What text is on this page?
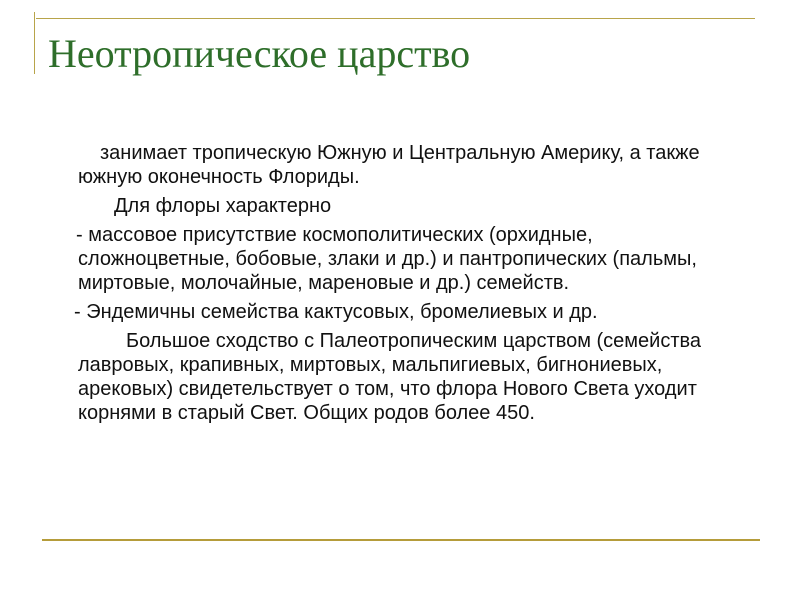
Неотропическое царство

занимает тропическую Южную и Центральную Америку, а также южную оконечность Флориды.

Для флоры характерно

- массовое присутствие космополитических (орхидные, сложноцветные, бобовые, злаки и др.) и пантропических (пальмы, миртовые, молочайные, мареновые и др.) семейств.

- Эндемичны семейства кактусовых, бромелиевых и др.

Большое сходство с Палеотропическим царством (семейства лавровых, крапивных, миртовых, мальпигиевых, бигнониевых, арековых) свидетельствует о том, что флора Нового Света уходит корнями в старый Свет. Общих родов более 450.
